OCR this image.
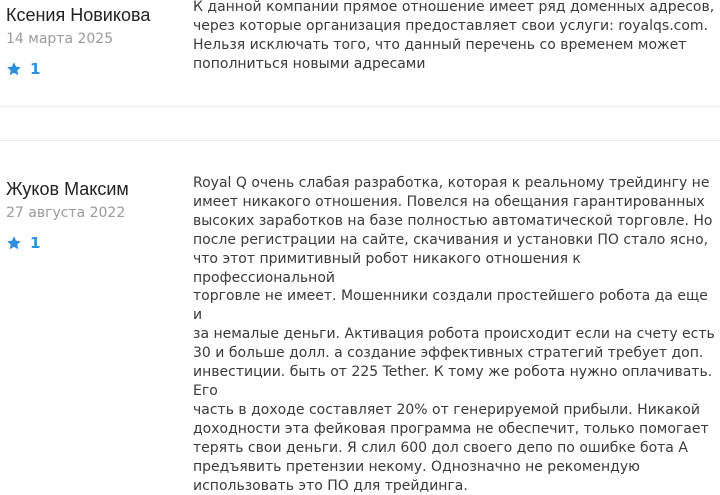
Ксения Новикова
14 марта 2025
1

К данной компании прямое отношение имеет ряд доменных адресов,
через которые организация предоставляет свои услуги: royalqs.com.
Нельзя исключать того, что данный перечень со временем может
пополниться новыми адресами

Жуков Максим
27 августа 2022
1

Royal Q очень слабая разработка, которая к реальному трейдингу не
имеет никакого отношения. Повелся на обещания гарантированных
высоких заработков на базе полностью автоматической торговле. Но
после регистрации на сайте, скачивания и установки ПО стало ясно,
что этот примитивный робот никакого отношения к профессиональной
торговле не имеет. Мошенники создали простейшего робота да еще и
за немалые деньги. Активация робота происходит если на счету есть
30 и больше долл. а создание эффективных стратегий требует доп.
инвестиции. быть от 225 Tether. К тому же робота нужно оплачивать. Его
часть в доходе составляет 20% от генерируемой прибыли. Никакой
доходности эта фейковая программа не обеспечит, только помогает
терять свои деньги. Я слил 600 дол своего депо по ошибке бота А
предъявить претензии некому. Однозначно не рекомендую
использовать это ПО для трейдинга.
